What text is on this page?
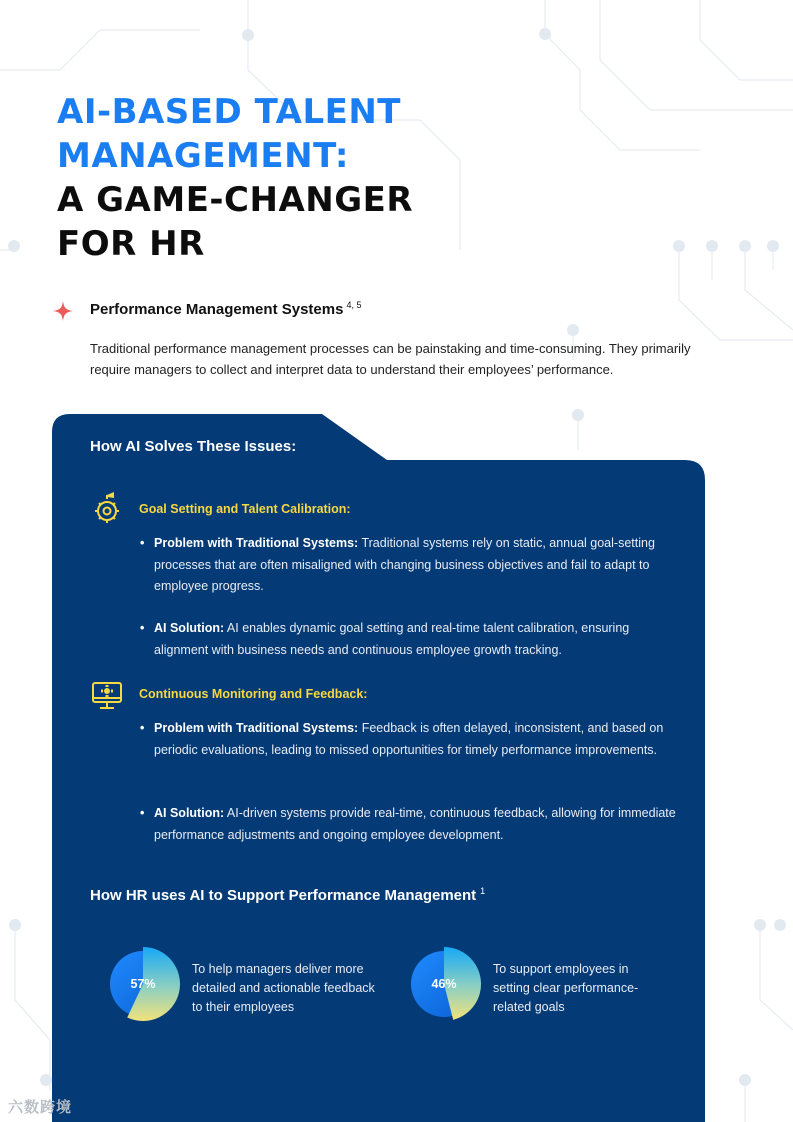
AI-BASED TALENT
MANAGEMENT:
A GAME-CHANGER
FOR HR
Performance Management Systems $^{4, 5}$

Traditional performance management processes can be painstaking and time-consuming. They primarily require managers to collect and interpret data to understand their employees’ performance.

How AI Solves These Issues:
Goal Setting and Talent Calibration:
• Problem with Traditional Systems: Traditional systems rely on static, annual goal-setting processes that are often misaligned with changing business objectives and fail to adapt to employee progress.
• AI Solution: AI enables dynamic goal setting and real-time talent calibration, ensuring alignment with business needs and continuous employee growth tracking.
Continuous Monitoring and Feedback:
• Problem with Traditional Systems: Feedback is often delayed, inconsistent, and based on periodic evaluations, leading to missed opportunities for timely performance improvements.
• AI Solution: AI-driven systems provide real-time, continuous feedback, allowing for immediate performance adjustments and ongoing employee development.
How HR uses AI to Support Performance Management $^1$
57%
To help managers deliver more detailed and actionable feedback to their employees
46%
To support employees in setting clear performance-related goals
六数跨境
